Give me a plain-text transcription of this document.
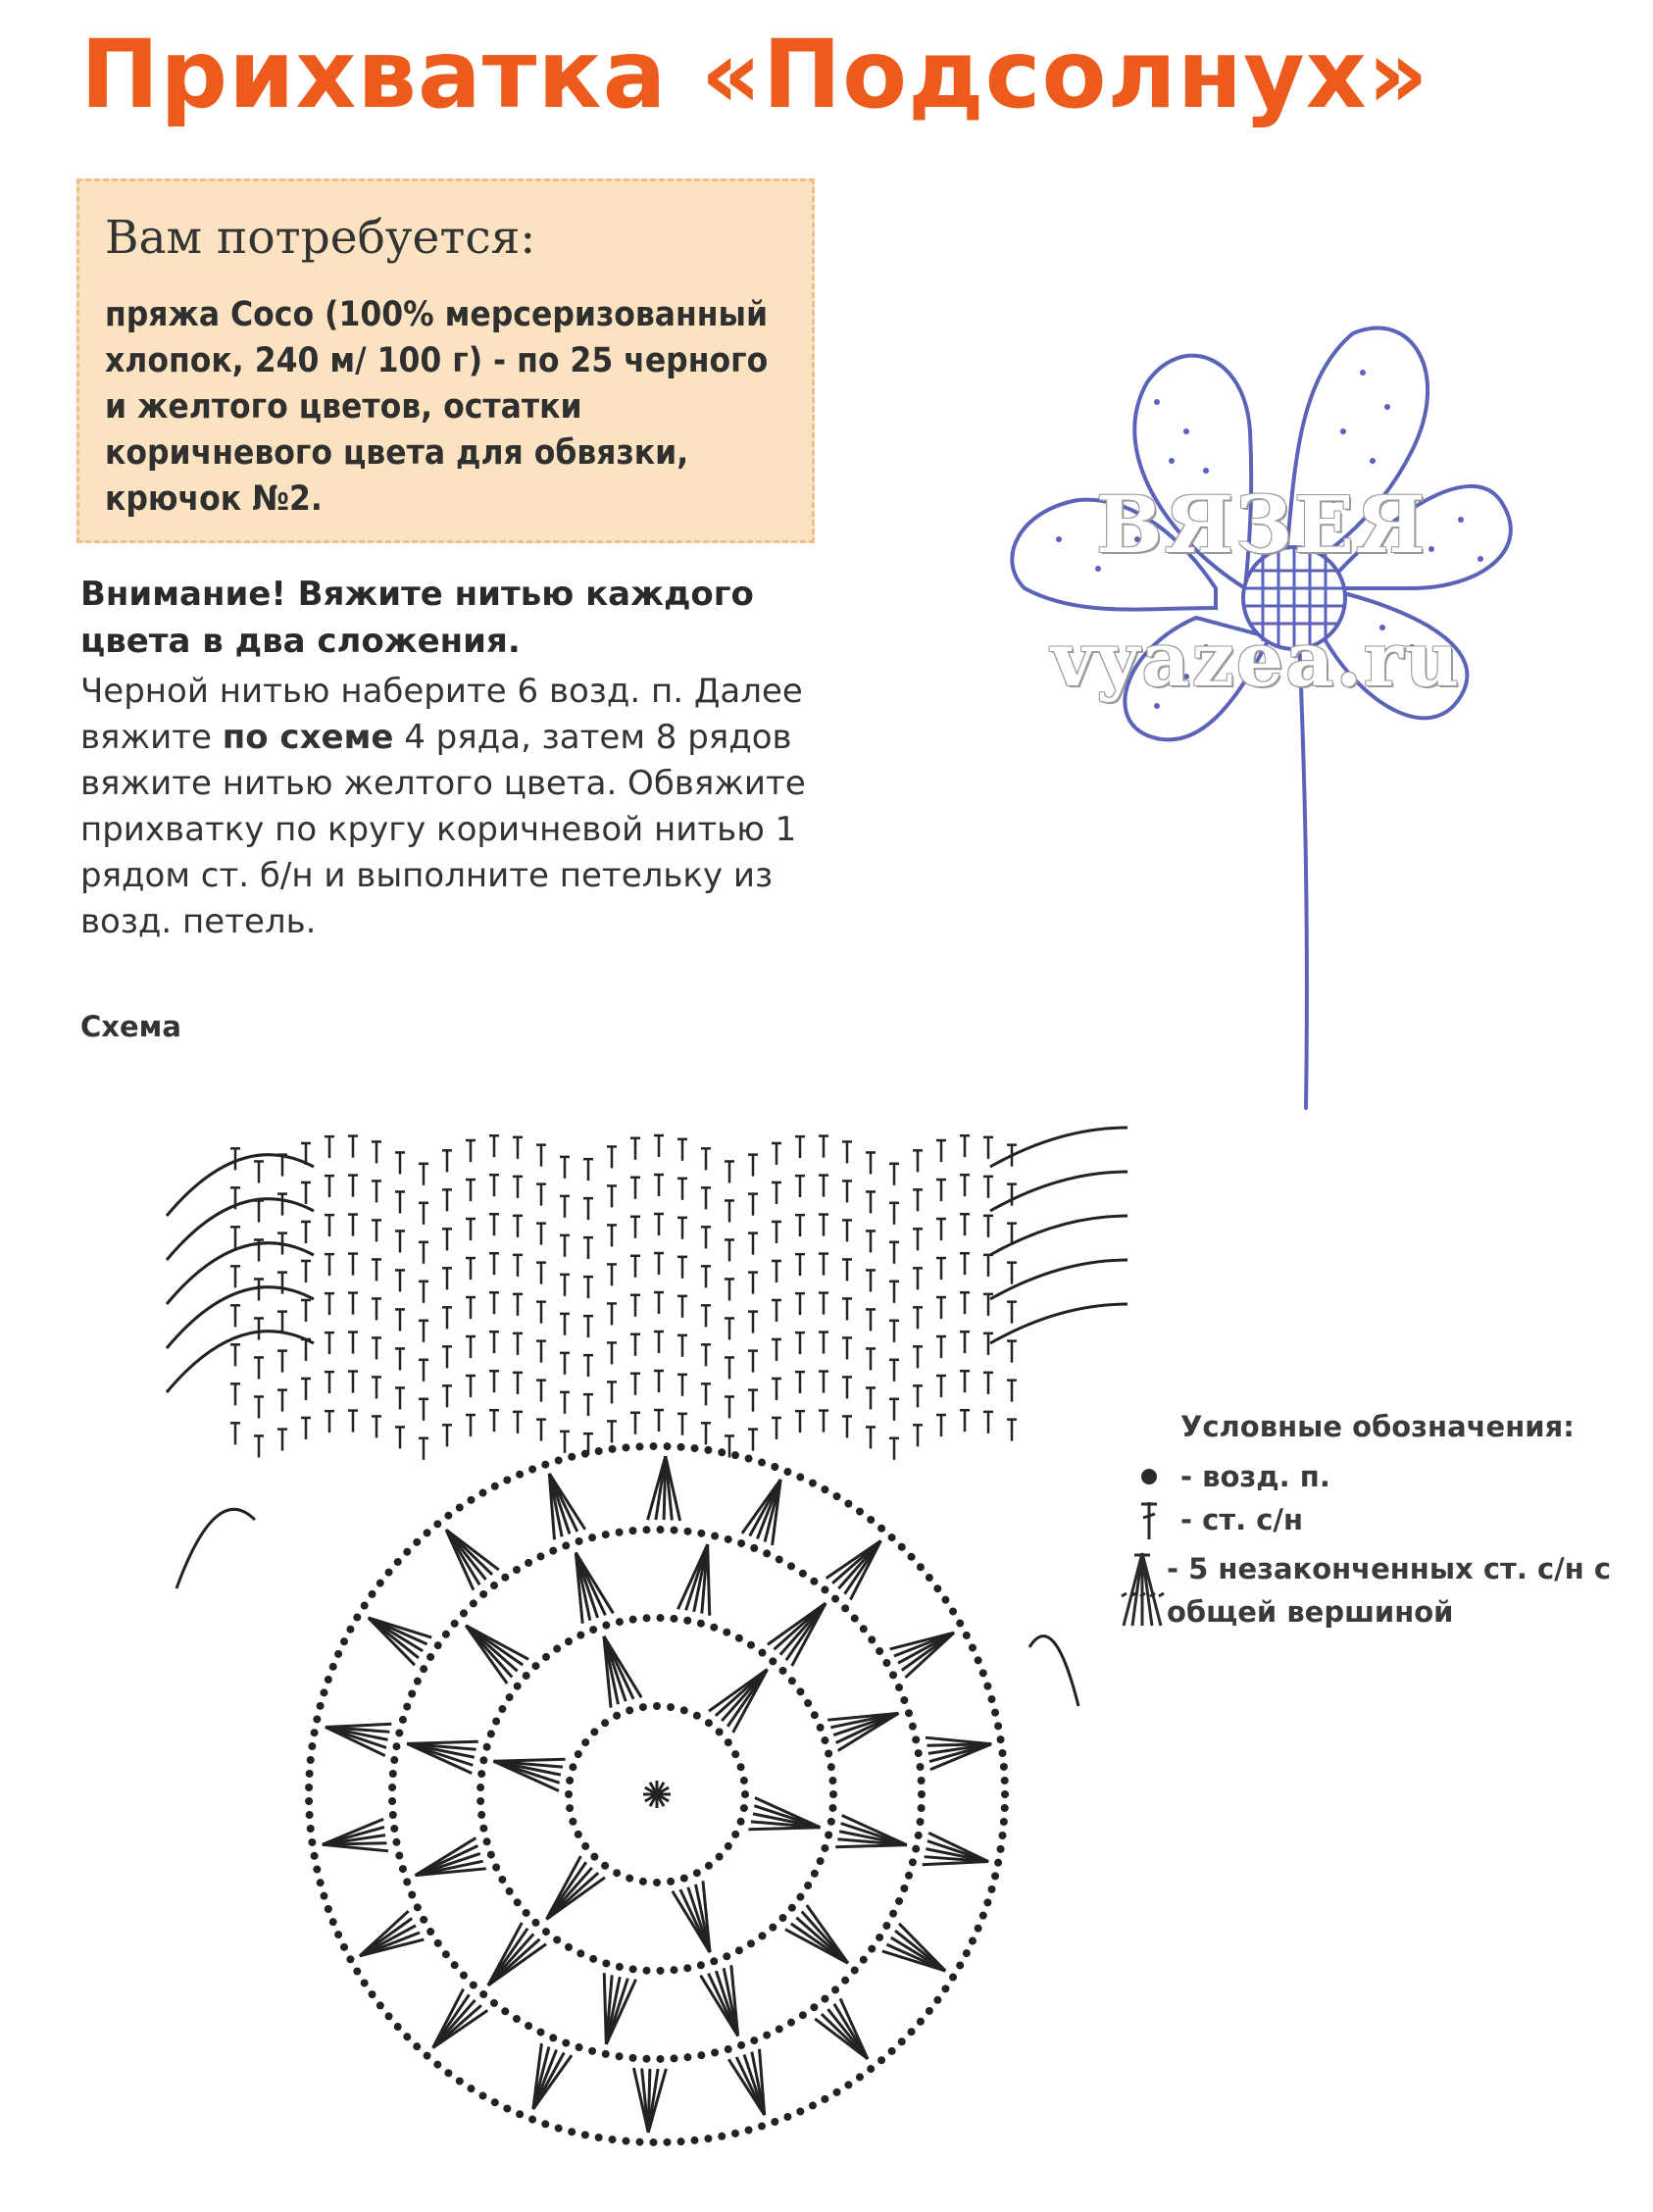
Прихватка «Подсолнух»
Вам потребуется:

пряжа Coco (100% мерсеризованный хлопок, 240 м/ 100 г) - по 25 черного и желтого цветов, остатки коричневого цвета для обвязки, крючок №2.

Внимание! Вяжите нитью каждого цвета в два сложения.
Черной нитью наберите 6 возд. п. Далее вяжите по схеме 4 ряда, затем 8 рядов вяжите нитью желтого цвета. Обвяжите прихватку по кругу коричневой нитью 1 рядом ст. б/н и выполните петельку из возд. петель.
Схема
ВЯЗЕЯ
vyazea.ru
Условные обозначения:
- возд. п.
- ст. с/н
- 5 незаконченных ст. с/н с общей вершиной
